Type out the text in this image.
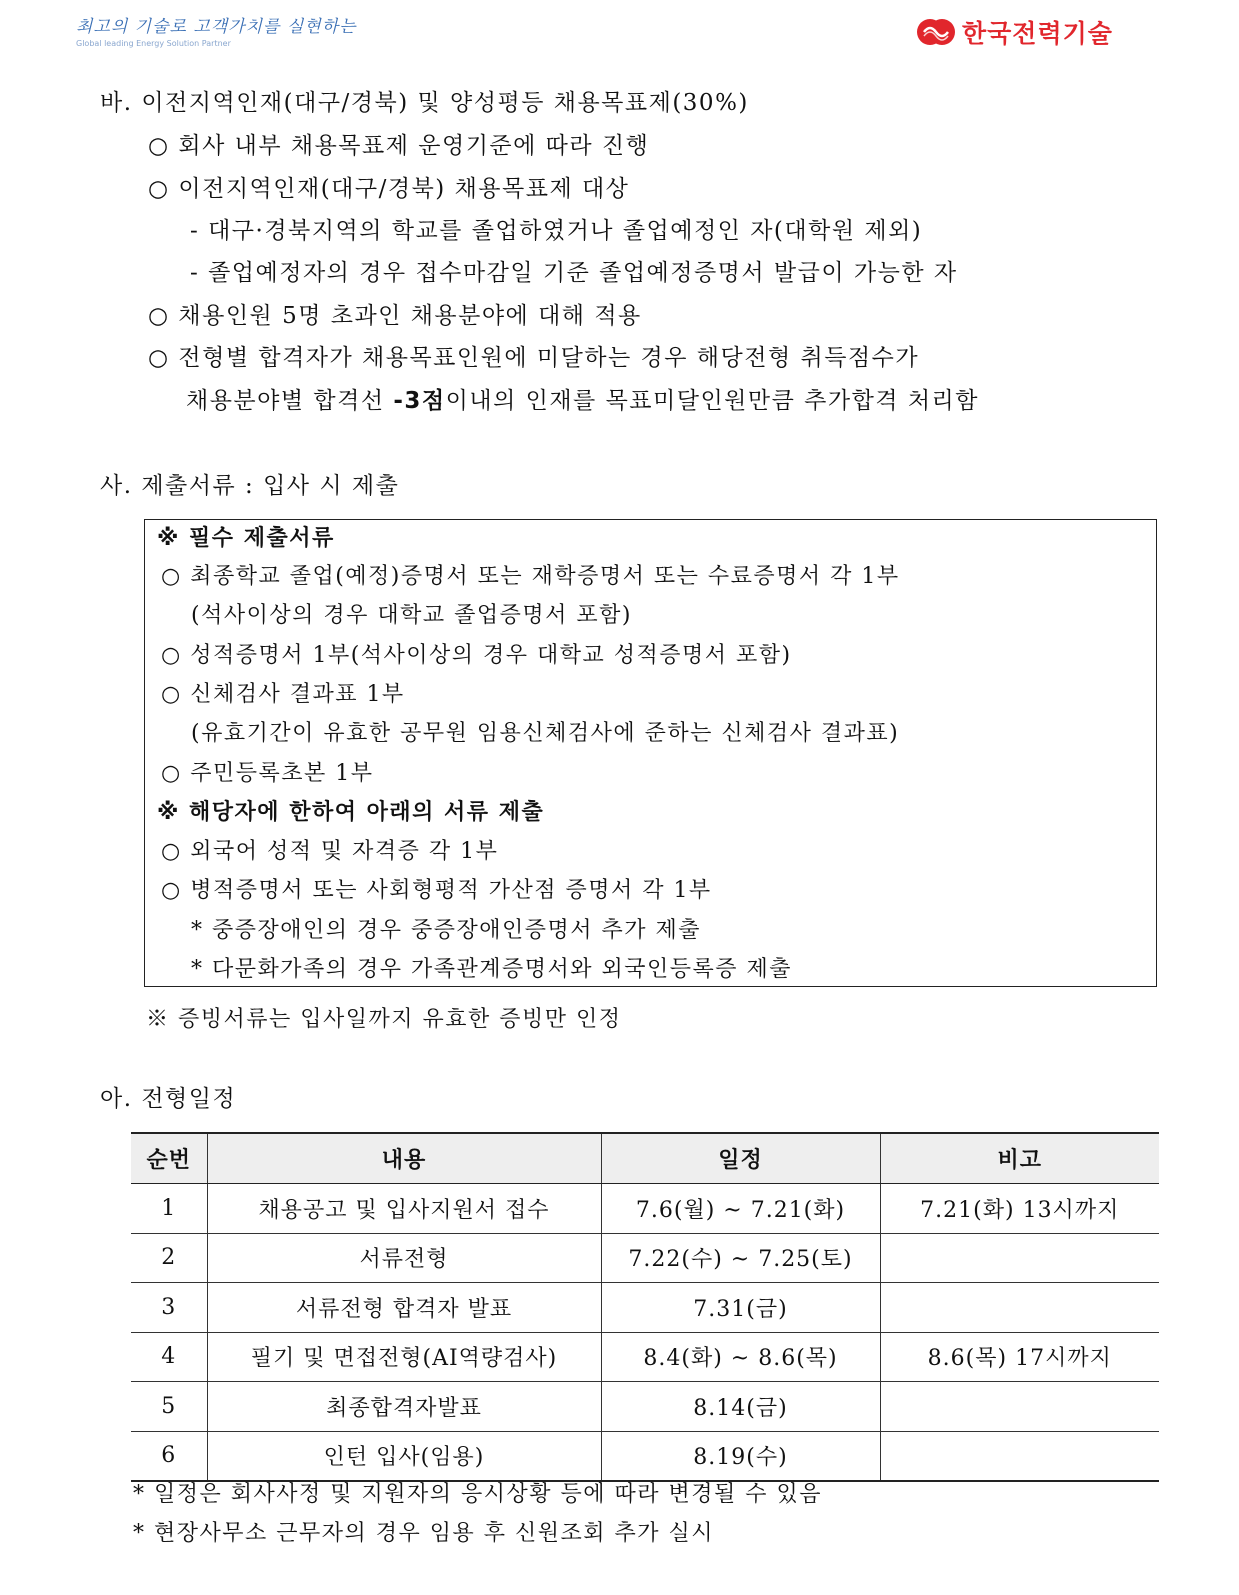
최고의 기술로 고객가치를 실현하는
Global leading Energy Solution Partner	한국전력기술
바. 이전지역인재(대구/경북) 및 양성평등 채용목표제(30%)
○ 회사 내부 채용목표제 운영기준에 따라 진행
○ 이전지역인재(대구/경북) 채용목표제 대상
- 대구·경북지역의 학교를 졸업하였거나 졸업예정인 자(대학원 제외)
- 졸업예정자의 경우 접수마감일 기준 졸업예정증명서 발급이 가능한 자
○ 채용인원 5명 초과인 채용분야에 대해 적용
○ 전형별 합격자가 채용목표인원에 미달하는 경우 해당전형 취득점수가
채용분야별 합격선 -3점이내의 인재를 목표미달인원만큼 추가합격 처리함
사. 제출서류 : 입사 시 제출
※ 필수 제출서류
○ 최종학교 졸업(예정)증명서 또는 재학증명서 또는 수료증명서 각 1부
(석사이상의 경우 대학교 졸업증명서 포함)
○ 성적증명서 1부(석사이상의 경우 대학교 성적증명서 포함)
○ 신체검사 결과표 1부
(유효기간이 유효한 공무원 임용신체검사에 준하는 신체검사 결과표)
○ 주민등록초본 1부
※ 해당자에 한하여 아래의 서류 제출
○ 외국어 성적 및 자격증 각 1부
○ 병적증명서 또는 사회형평적 가산점 증명서 각 1부
* 중증장애인의 경우 중증장애인증명서 추가 제출
* 다문화가족의 경우 가족관계증명서와 외국인등록증 제출
※ 증빙서류는 입사일까지 유효한 증빙만 인정
아. 전형일정
순번	내용	일정	비고
1	채용공고 및 입사지원서 접수	7.6(월) ~ 7.21(화)	7.21(화) 13시까지
2	서류전형	7.22(수) ~ 7.25(토)	
3	서류전형 합격자 발표	7.31(금)	
4	필기 및 면접전형(AI역량검사)	8.4(화) ~ 8.6(목)	8.6(목) 17시까지
5	최종합격자발표	8.14(금)	
6	인턴 입사(임용)	8.19(수)	
* 일정은 회사사정 및 지원자의 응시상황 등에 따라 변경될 수 있음
* 현장사무소 근무자의 경우 임용 후 신원조회 추가 실시
